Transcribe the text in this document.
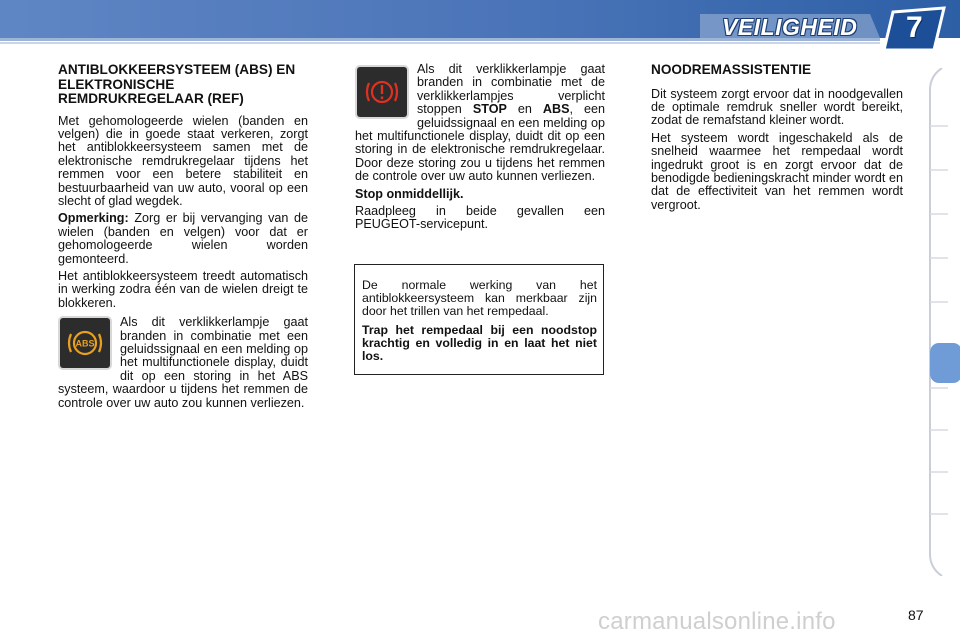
VEILIGHEID 7
ANTIBLOKKEERSYSTEEM (ABS) EN ELEKTRONISCHE REMDRUKREGELAAR (REF)

Met gehomologeerde wielen (banden en velgen) die in goede staat verkeren, zorgt het antiblokkeersysteem samen met de elektronische remdrukregelaar tijdens het remmen voor een betere stabiliteit en bestuurbaarheid van uw auto, vooral op een slecht of glad wegdek.

Opmerking: Zorg er bij vervanging van de wielen (banden en velgen) voor dat er gehomologeerde wielen worden gemonteerd.

Het antiblokkeersysteem treedt automatisch in werking zodra één van de wielen dreigt te blokkeren.

ABS
Als dit verklikkerlampje gaat branden in combinatie met een geluidssignaal en een melding op het multifunctionele display, duidt dit op een storing in het ABS systeem, waardoor u tijdens het remmen de controle over uw auto zou kunnen verliezen.

Als dit verklikkerlampje gaat branden in combinatie met de verklikkerlampjes verplicht stoppen STOP en ABS, een geluidssignaal en een melding op het multifunctionele display, duidt dit op een storing in de elektronische remdrukregelaar. Door deze storing zou u tijdens het remmen de controle over uw auto kunnen verliezen.

Stop onmiddellijk.

Raadpleeg in beide gevallen een PEUGEOT-servicepunt.

De normale werking van het antiblokkeersysteem kan merkbaar zijn door het trillen van het rempedaal.

Trap het rempedaal bij een noodstop krachtig en volledig in en laat het niet los.

NOODREMASSISTENTIE

Dit systeem zorgt ervoor dat in noodgevallen de optimale remdruk sneller wordt bereikt, zodat de remafstand kleiner wordt.

Het systeem wordt ingeschakeld als de snelheid waarmee het rempedaal wordt ingedrukt groot is en zorgt ervoor dat de benodigde bedieningskracht minder wordt en dat de effectiviteit van het remmen wordt vergroot.

carmanualsonline.info	87
